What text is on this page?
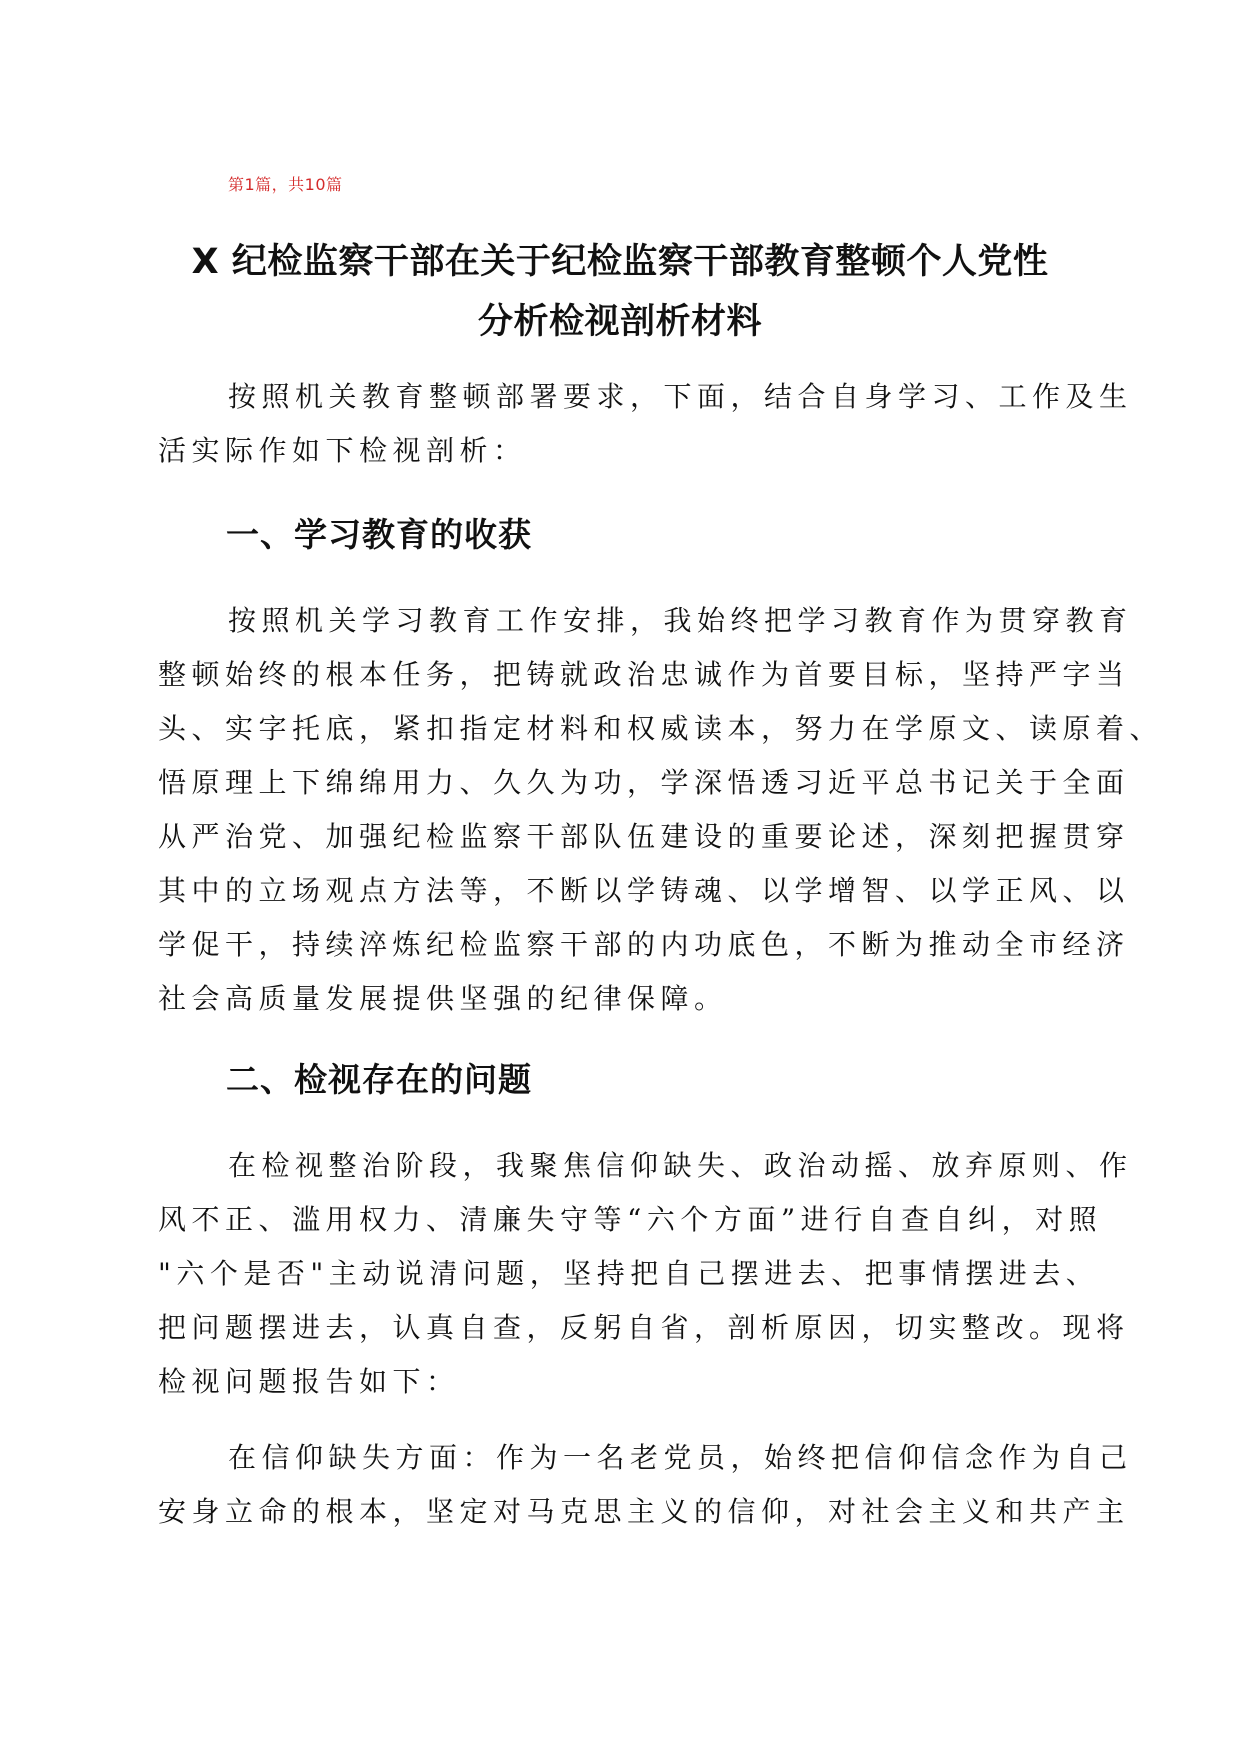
第1篇，共10篇
X 纪检监察干部在关于纪检监察干部教育整顿个人党性
分析检视剖析材料
按照机关教育整顿部署要求，下面，结合自身学习、工作及生
活实际作如下检视剖析：
一、学习教育的收获
按照机关学习教育工作安排，我始终把学习教育作为贯穿教育
整顿始终的根本任务，把铸就政治忠诚作为首要目标，坚持严字当
头、实字托底，紧扣指定材料和权威读本，努力在学原文、读原着、
悟原理上下绵绵用力、久久为功，学深悟透习近平总书记关于全面
从严治党、加强纪检监察干部队伍建设的重要论述，深刻把握贯穿
其中的立场观点方法等，不断以学铸魂、以学增智、以学正风、以
学促干，持续淬炼纪检监察干部的内功底色，不断为推动全市经济
社会高质量发展提供坚强的纪律保障。
二、检视存在的问题
在检视整治阶段，我聚焦信仰缺失、政治动摇、放弃原则、作
风不正、滥用权力、清廉失守等“六个方面”进行自查自纠，对照
"六个是否"主动说清问题，坚持把自己摆进去、把事情摆进去、
把问题摆进去，认真自查，反躬自省，剖析原因，切实整改。现将
检视问题报告如下：
在信仰缺失方面：作为一名老党员，始终把信仰信念作为自己
安身立命的根本，坚定对马克思主义的信仰，对社会主义和共产主
